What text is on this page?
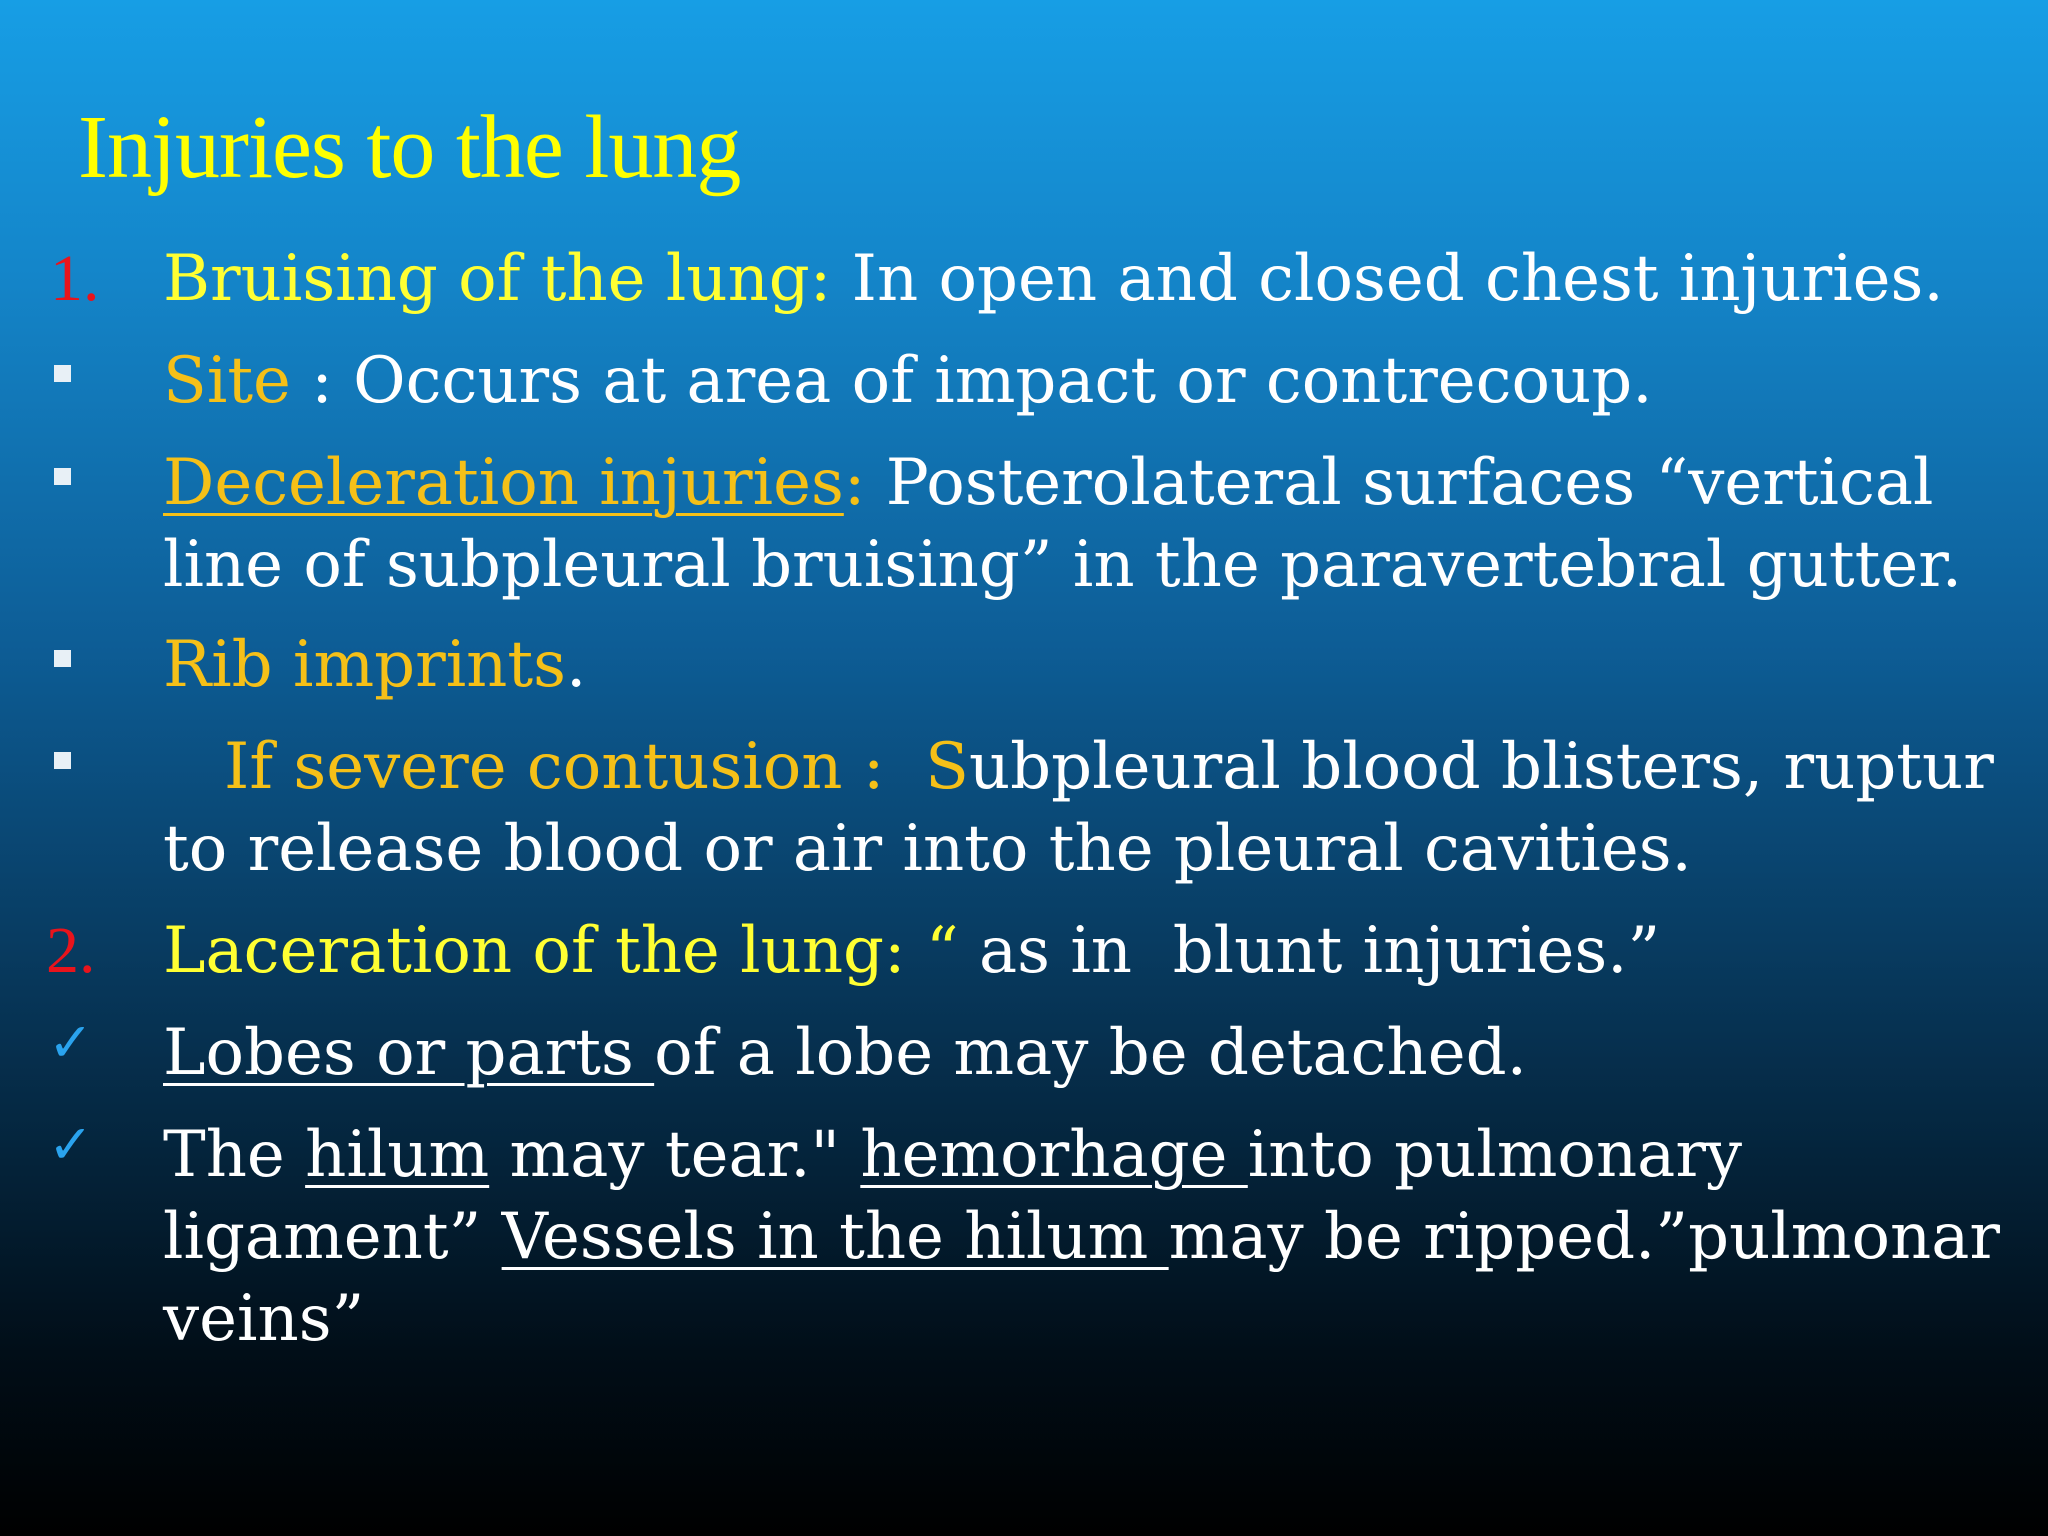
Injuries to the lung
1. Bruising of the lung: In open and closed chest injuries.
Site : Occurs at area of impact or contrecoup.
Deceleration injuries: Posterolateral surfaces “vertical
line of subpleural bruising” in the paravertebral gutter.
Rib imprints.
If severe contusion :  Subpleural blood blisters, ruptur
to release blood or air into the pleural cavities.
2. Laceration of the lung: “ as in  blunt injuries.”
✓ Lobes or parts of a lobe may be detached.
✓ The hilum may tear." hemorhage into pulmonary
ligament” Vessels in the hilum may be ripped.”pulmonar
veins”
